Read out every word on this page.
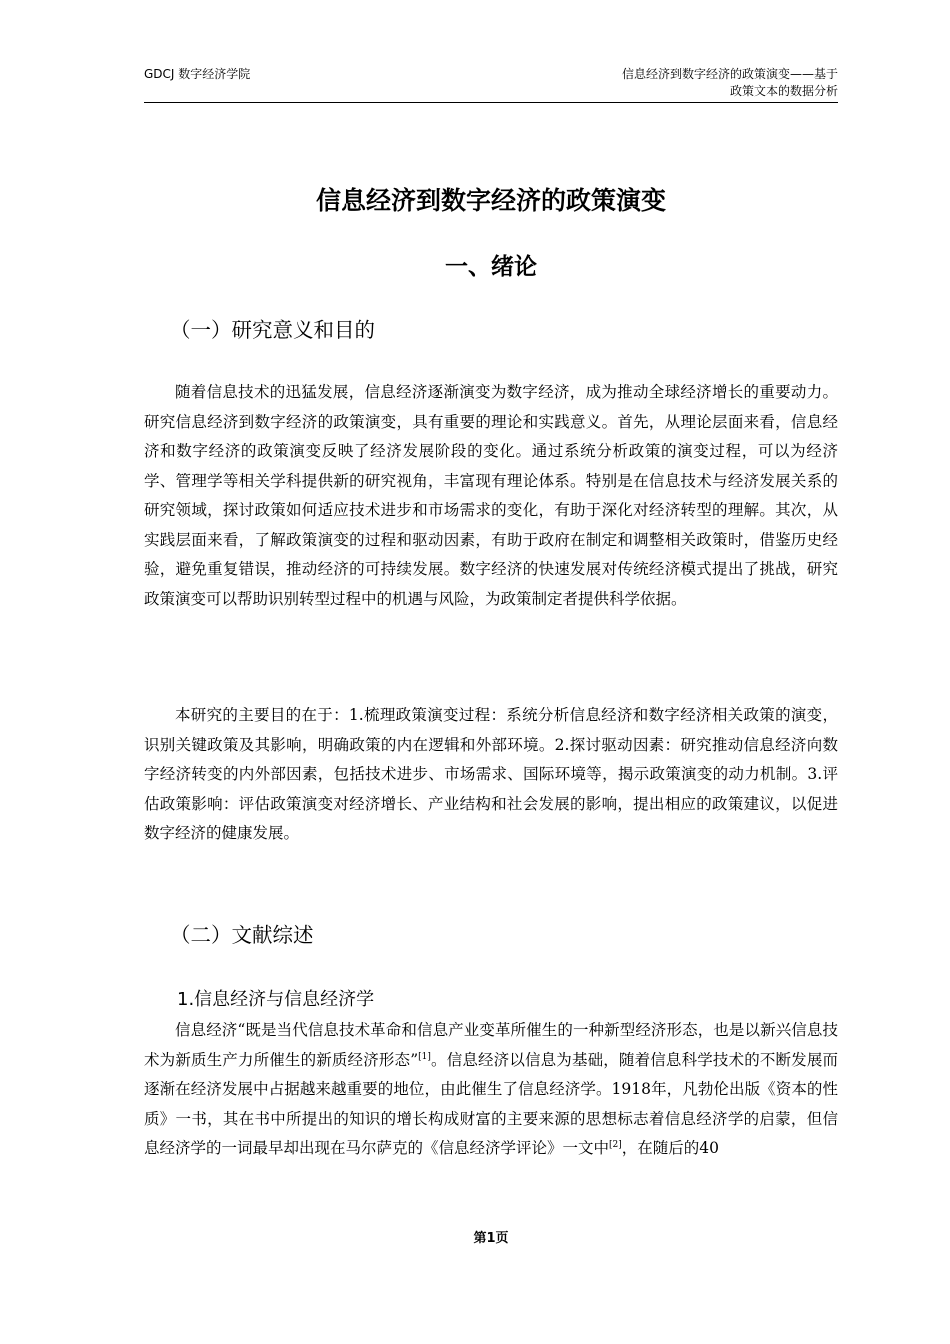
GDCJ 数字经济学院	信息经济到数字经济的政策演变——基于
政策文本的数据分析
信息经济到数字经济的政策演变
一、绪论
（一）研究意义和目的

随着信息技术的迅猛发展，信息经济逐渐演变为数字经济，成为推动全球经济增长的重要动力。研究信息经济到数字经济的政策演变，具有重要的理论和实践意义。首先，从理论层面来看，信息经济和数字经济的政策演变反映了经济发展阶段的变化。通过系统分析政策的演变过程，可以为经济学、管理学等相关学科提供新的研究视角，丰富现有理论体系。特别是在信息技术与经济发展关系的研究领域，探讨政策如何适应技术进步和市场需求的变化，有助于深化对经济转型的理解。其次，从实践层面来看，了解政策演变的过程和驱动因素，有助于政府在制定和调整相关政策时，借鉴历史经验，避免重复错误，推动经济的可持续发展。数字经济的快速发展对传统经济模式提出了挑战，研究政策演变可以帮助识别转型过程中的机遇与风险，为政策制定者提供科学依据。

本研究的主要目的在于：1.梳理政策演变过程：系统分析信息经济和数字经济相关政策的演变，识别关键政策及其影响，明确政策的内在逻辑和外部环境。2.探讨驱动因素：研究推动信息经济向数字经济转变的内外部因素，包括技术进步、市场需求、国际环境等，揭示政策演变的动力机制。3.评估政策影响：评估政策演变对经济增长、产业结构和社会发展的影响，提出相应的政策建议，以促进数字经济的健康发展。

（二）文献综述
1.信息经济与信息经济学

信息经济“既是当代信息技术革命和信息产业变革所催生的一种新型经济形态，也是以新兴信息技术为新质生产力所催生的新质经济形态”[1]。信息经济以信息为基础，随着信息科学技术的不断发展而逐渐在经济发展中占据越来越重要的地位，由此催生了信息经济学。1918年，凡勃伦出版《资本的性质》一书，其在书中所提出的知识的增长构成财富的主要来源的思想标志着信息经济学的启蒙，但信息经济学的一词最早却出现在马尔萨克的《信息经济学评论》一文中[2]，在随后的40

第1页
